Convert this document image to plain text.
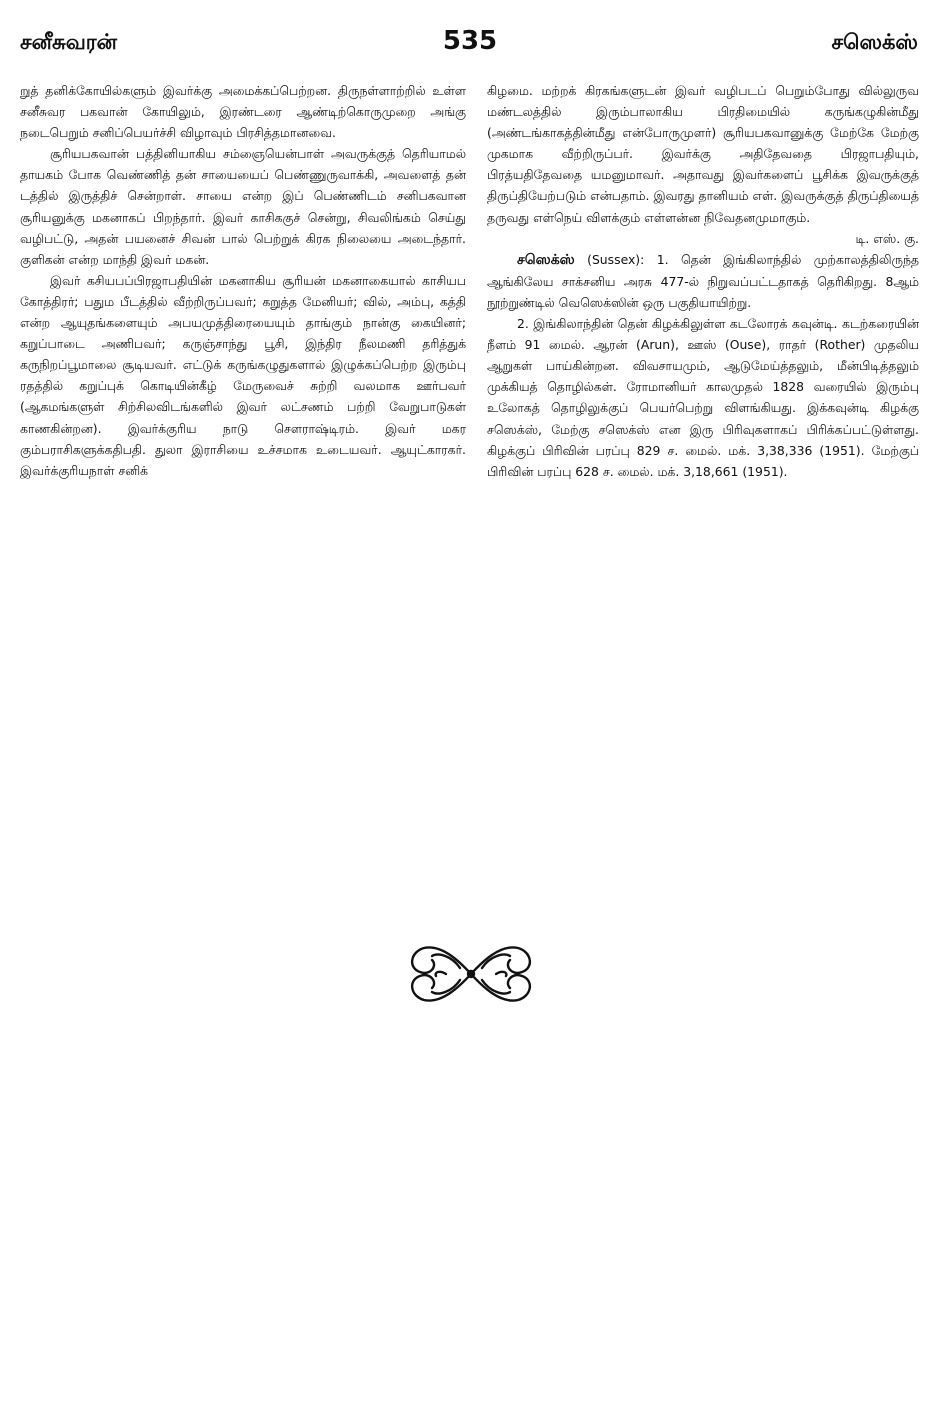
சனீசுவரன்	535	சஸெக்ஸ்

றுத் தனிக்கோயில்களும் இவர்க்கு அமைக்கப்பெற்றன. திருநள்ளாற்றில் உள்ள சனீசுவர பகவான் கோயிலும், இரண்டரை ஆண்டிற்கொருமுறை அங்கு நடைபெறும் சனிப்பெயர்ச்சி விழாவும் பிரசித்தமானவை.

சூரியபகவான் பத்தினியாகிய சம்ஞையென்பாள் அவருக்குத் தெரியாமல் தாயகம் போக வெண்ணித் தன் சாயையைப் பெண்ணுருவாக்கி, அவளைத் தன் டத்தில் இருத்திச் சென்றாள். சாயை என்ற இப் பெண்ணிடம் சனிபகவான சூரியனுக்கு மகனாகப் பிறந்தார். இவர் காசிககுச் சென்று, சிவலிங்கம் செய்து வழிபட்டு, அதன் பயனைச் சிவன் பால் பெற்றுக் கிரக நிலையை அடைந்தார். குளிகன் என்ற மாந்தி இவர் மகன்.

இவர் கசியபப்பிரஜாபதியின் மகனாகிய சூரியன் மகனாகையால் காசியப கோத்திரர்; பதும பீடத்தில் வீற்றிருப்பவர்; கறுத்த மேனியர்; வில், அம்பு, கத்தி என்ற ஆயுதங்களையும் அபயமுத்திரையையும் தாங்கும் நான்கு கையினர்; கறுப்பாடை அணிபவர்; கருஞ்சாந்து பூசி, இந்திர நீலமணி தரித்துக் கருநிறப்பூமாலை சூடியவர். எட்டுக் கருங்கழுதுகளால் இழுக்கப்பெற்ற இரும்பு ரதத்தில் கறுப்புக் கொடியின்கீழ் மேருவைச் சுற்றி வலமாக ஊர்பவர் (ஆகமங்களுள் சிற்சிலவிடங்களில் இவர் லட்சணம் பற்றி வேறுபாடுகள் காணகின்றன). இவர்க்குரிய நாடு சௌராஷ்டிரம். இவர் மகர கும்பராசிகளுக்கதிபதி. துலா இராசியை உச்சமாக உடையவர். ஆயுட்காரகர். இவர்க்குரியநாள் சனிக்

கிழமை. மற்றக் கிரகங்களுடன் இவர் வழிபடப் பெறும்போது வில்லுருவ மண்டலத்தில் இரும்பாலாகிய பிரதிமையில் கருங்கழுகின்மீது (அண்டங்காகத்தின்மீது என்போருமுளர்) சூரியபகவானுக்கு மேற்கே மேற்கு முகமாக வீற்றிருப்பர். இவர்க்கு அதிதேவதை பிரஜாபதியும், பிரத்யதிதேவதை யமனுமாவர். அதாவது இவர்களைப் பூசிக்க இவருக்குத் திருப்தியேற்படும் என்பதாம். இவரது தானியம் எள். இவருக்குத் திருப்தியைத் தருவது எள்நெய் விளக்கும் எள்ளன்ன நிவேதனமுமாகும்.

டி. எஸ். கு.

சஸெக்ஸ் (Sussex): 1. தென் இங்கிலாந்தில் முற்காலத்திலிருந்த ஆங்கிலேய சாக்சனிய அரசு 477-ல் நிறுவப்பட்டதாகத் தெரிகிறது. 8ஆம் நூற்றுண்டில் வெஸெக்ஸின் ஒரு பகுதியாயிற்று.

2. இங்கிலாந்தின் தென் கிழக்கிலுள்ள கடலோரக் கவுன்டி. கடற்கரையின் நீளம் 91 மைல். ஆரன் (Arun), ஊஸ் (Ouse), ராதர் (Rother) முதலிய ஆறுகள் பாய்கின்றன. விவசாயமும், ஆடுமேய்த்தலும், மீன்பிடித்தலும் முக்கியத் தொழில்கள். ரோமானியர் காலமுதல் 1828 வரையில் இரும்பு உலோகத் தொழிலுக்குப் பெயர்பெற்று விளங்கியது. இக்கவுன்டி கிழக்கு சஸெக்ஸ், மேற்கு சஸெக்ஸ் என இரு பிரிவுகளாகப் பிரிக்கப்பட்டுள்ளது. கிழக்குப் பிரிவின் பரப்பு 829 ச. மைல். மக். 3,38,336 (1951). மேற்குப் பிரிவின் பரப்பு 628 ச. மைல். மக். 3,18,661 (1951).
